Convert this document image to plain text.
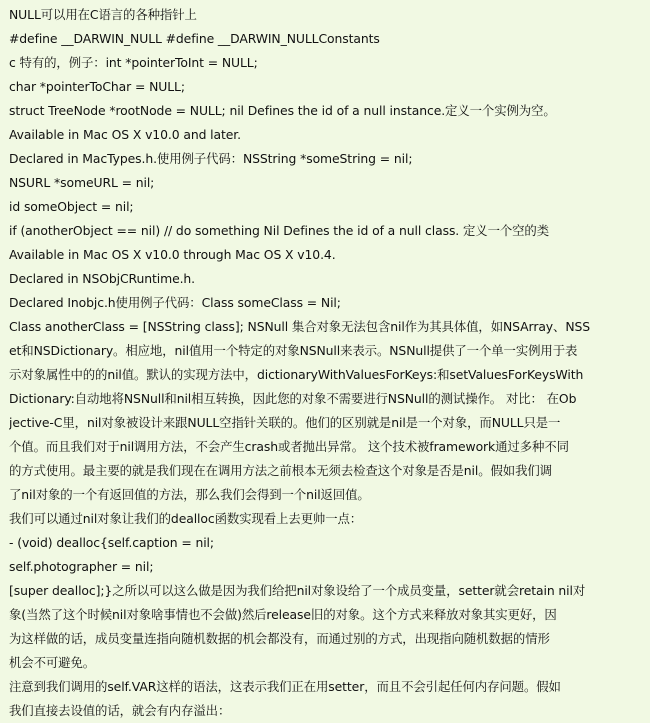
NULL可以用在C语言的各种指针上
#define __DARWIN_NULL #define __DARWIN_NULLConstants
c 特有的，例子：int *pointerToInt = NULL;
char *pointerToChar = NULL;
struct TreeNode *rootNode = NULL; nil Defines the id of a null instance.定义一个实例为空。
Available in Mac OS X v10.0 and later.
Declared in MacTypes.h.使用例子代码：NSString *someString = nil;
NSURL *someURL = nil;
id someObject = nil;
if (anotherObject == nil) // do something Nil Defines the id of a null class. 定义一个空的类
Available in Mac OS X v10.0 through Mac OS X v10.4.
Declared in NSObjCRuntime.h.
Declared Inobjc.h使用例子代码：Class someClass = Nil;
Class anotherClass = [NSString class]; NSNull 集合对象无法包含nil作为其具体值，如NSArray、NSS
et和NSDictionary。相应地，nil值用一个特定的对象NSNull来表示。NSNull提供了一个单一实例用于表
示对象属性中的的nil值。默认的实现方法中，dictionaryWithValuesForKeys:和setValuesForKeysWith
Dictionary:自动地将NSNull和nil相互转换，因此您的对象不需要进行NSNull的测试操作。 对比： 在Ob
jective-C里，nil对象被设计来跟NULL空指针关联的。他们的区别就是nil是一个对象，而NULL只是一
个值。而且我们对于nil调用方法，不会产生crash或者抛出异常。 这个技术被framework通过多种不同
的方式使用。最主要的就是我们现在在调用方法之前根本无须去检查这个对象是否是nil。假如我们调
了nil对象的一个有返回值的方法，那么我们会得到一个nil返回值。
我们可以通过nil对象让我们的dealloc函数实现看上去更帅一点：
- (void) dealloc{self.caption = nil;
self.photographer = nil;
[super dealloc];}之所以可以这么做是因为我们给把nil对象设给了一个成员变量，setter就会retain nil对
象(当然了这个时候nil对象啥事情也不会做)然后release旧的对象。这个方式来释放对象其实更好，因
为这样做的话，成员变量连指向随机数据的机会都没有，而通过别的方式，出现指向随机数据的情形
机会不可避免。
注意到我们调用的self.VAR这样的语法，这表示我们正在用setter，而且不会引起任何内存问题。假如
我们直接去设值的话，就会有内存溢出：
